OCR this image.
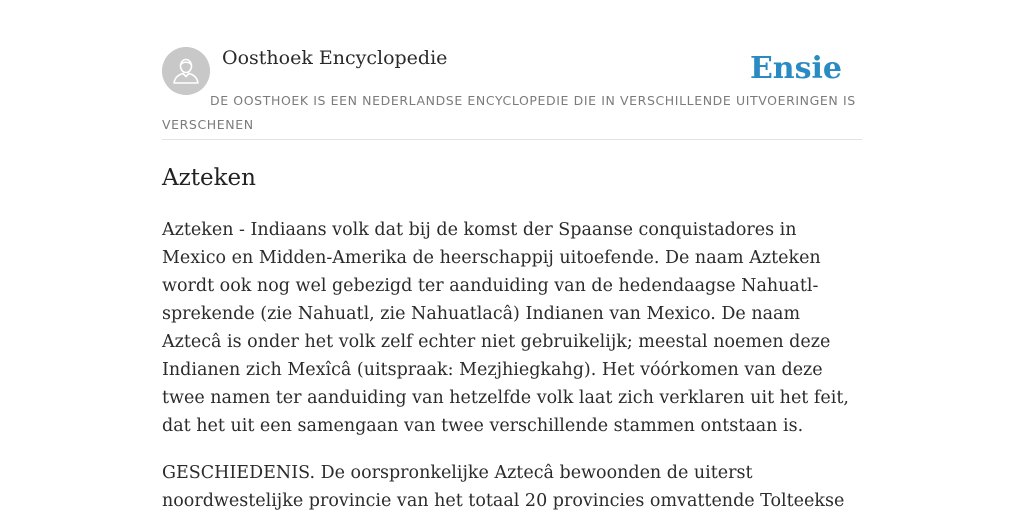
Oosthoek Encyclopedie	Ensie

DE OOSTHOEK IS EEN NEDERLANDSE ENCYCLOPEDIE DIE IN VERSCHILLENDE UITVOERINGEN IS VERSCHENEN

Azteken

Azteken - Indiaans volk dat bij de komst der Spaanse conquistadores in Mexico en Midden-Amerika de heerschappij uitoefende. De naam Azteken wordt ook nog wel gebezigd ter aanduiding van de hedendaagse Nahuatl-sprekende (zie Nahuatl, zie Nahuatlacâ) Indianen van Mexico. De naam Aztecâ is onder het volk zelf echter niet gebruikelijk; meestal noemen deze Indianen zich Mexîcâ (uitspraak: Mezjhiegkahg). Het vóórkomen van deze twee namen ter aanduiding van hetzelfde volk laat zich verklaren uit het feit, dat het uit een samengaan van twee verschillende stammen ontstaan is.

GESCHIEDENIS. De oorspronkelijke Aztecâ bewoonden de uiterst noordwestelijke provincie van het totaal 20 provincies omvattende Tolteekse
